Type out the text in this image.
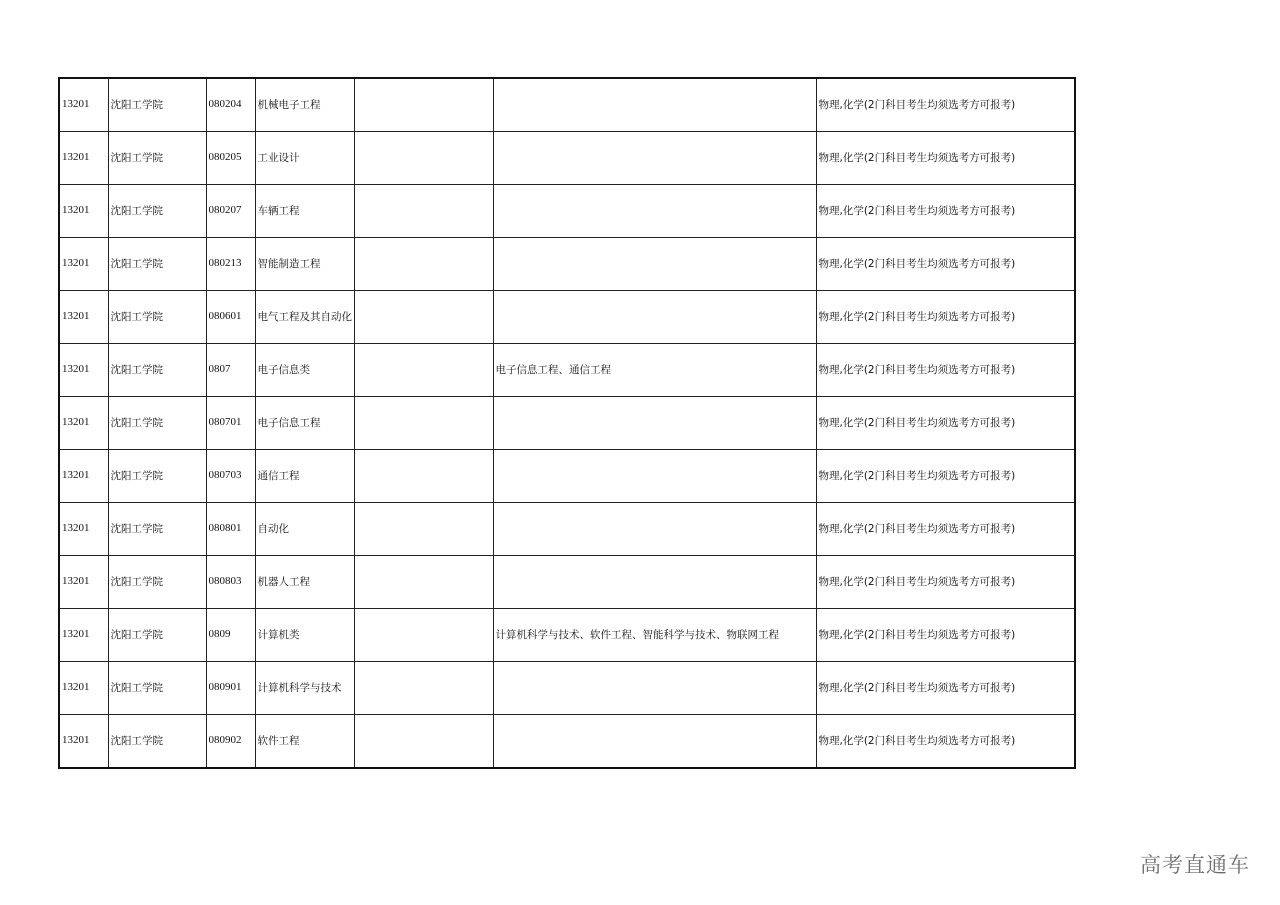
13201	沈阳工学院	080204	机械电子工程			物理,化学(2门科目考生均须选考方可报考)
13201	沈阳工学院	080205	工业设计			物理,化学(2门科目考生均须选考方可报考)
13201	沈阳工学院	080207	车辆工程			物理,化学(2门科目考生均须选考方可报考)
13201	沈阳工学院	080213	智能制造工程			物理,化学(2门科目考生均须选考方可报考)
13201	沈阳工学院	080601	电气工程及其自动化			物理,化学(2门科目考生均须选考方可报考)
13201	沈阳工学院	0807	电子信息类		电子信息工程、通信工程	物理,化学(2门科目考生均须选考方可报考)
13201	沈阳工学院	080701	电子信息工程			物理,化学(2门科目考生均须选考方可报考)
13201	沈阳工学院	080703	通信工程			物理,化学(2门科目考生均须选考方可报考)
13201	沈阳工学院	080801	自动化			物理,化学(2门科目考生均须选考方可报考)
13201	沈阳工学院	080803	机器人工程			物理,化学(2门科目考生均须选考方可报考)
13201	沈阳工学院	0809	计算机类		计算机科学与技术、软件工程、智能科学与技术、物联网工程	物理,化学(2门科目考生均须选考方可报考)
13201	沈阳工学院	080901	计算机科学与技术			物理,化学(2门科目考生均须选考方可报考)
13201	沈阳工学院	080902	软件工程			物理,化学(2门科目考生均须选考方可报考)
高考直通车
